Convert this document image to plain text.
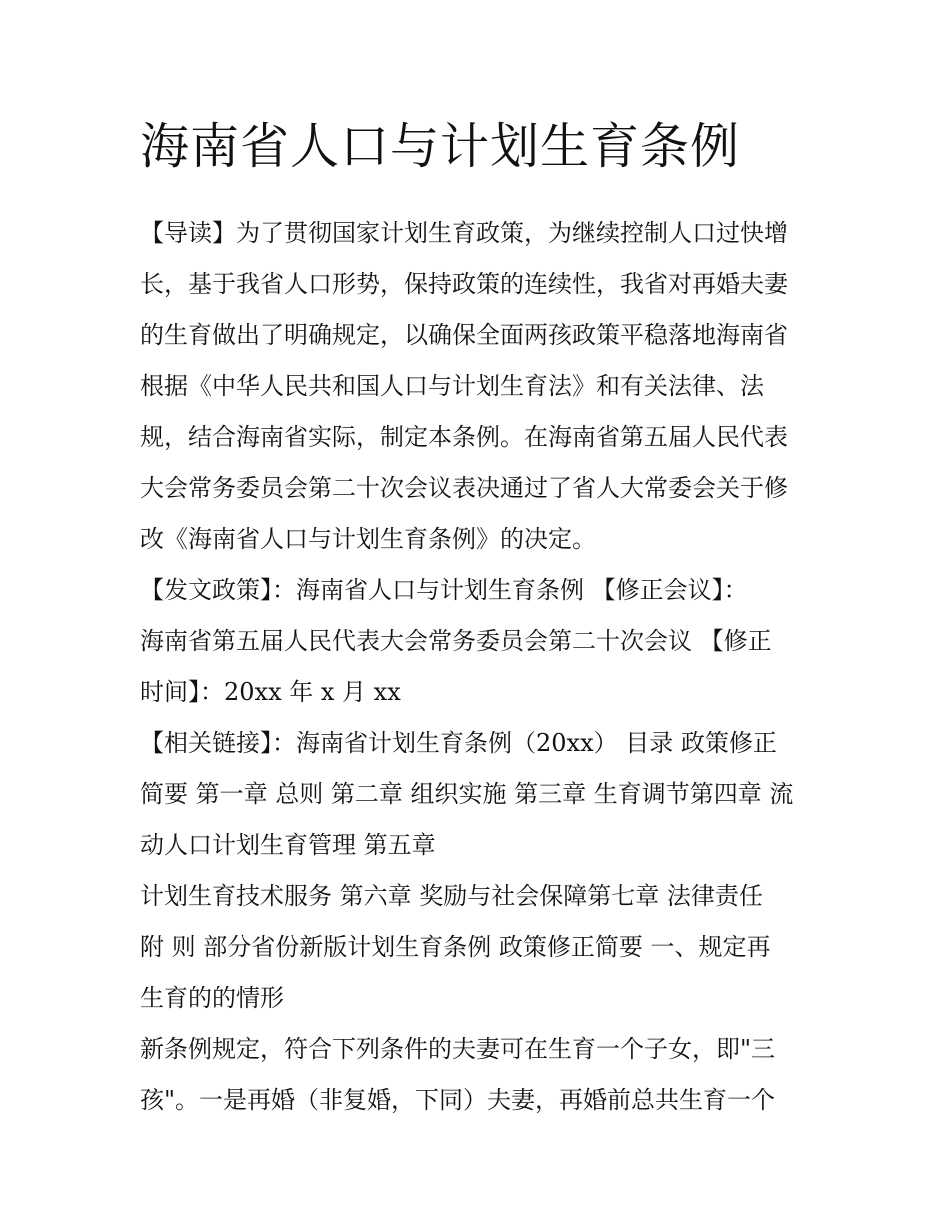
海南省人口与计划生育条例
【导读】为了贯彻国家计划生育政策，为继续控制人口过快增
长，基于我省人口形势，保持政策的连续性，我省对再婚夫妻
的生育做出了明确规定，以确保全面两孩政策平稳落地海南省
根据《中华人民共和国人口与计划生育法》和有关法律、法
规，结合海南省实际，制定本条例。在海南省第五届人民代表
大会常务委员会第二十次会议表决通过了省人大常委会关于修
改《海南省人口与计划生育条例》的决定。
【发文政策】：海南省人口与计划生育条例 【修正会议】：
海南省第五届人民代表大会常务委员会第二十次会议 【修正
时间】：20xx 年 x 月 xx
【相关链接】：海南省计划生育条例（20xx） 目录 政策修正
简要 第一章 总则 第二章 组织实施 第三章 生育调节第四章 流
动人口计划生育管理 第五章
计划生育技术服务 第六章 奖励与社会保障第七章 法律责任
附 则 部分省份新版计划生育条例 政策修正简要 一、规定再
生育的的情形
新条例规定，符合下列条件的夫妻可在生育一个子女，即"三
孩"。一是再婚（非复婚，下同）夫妻，再婚前总共生育一个
